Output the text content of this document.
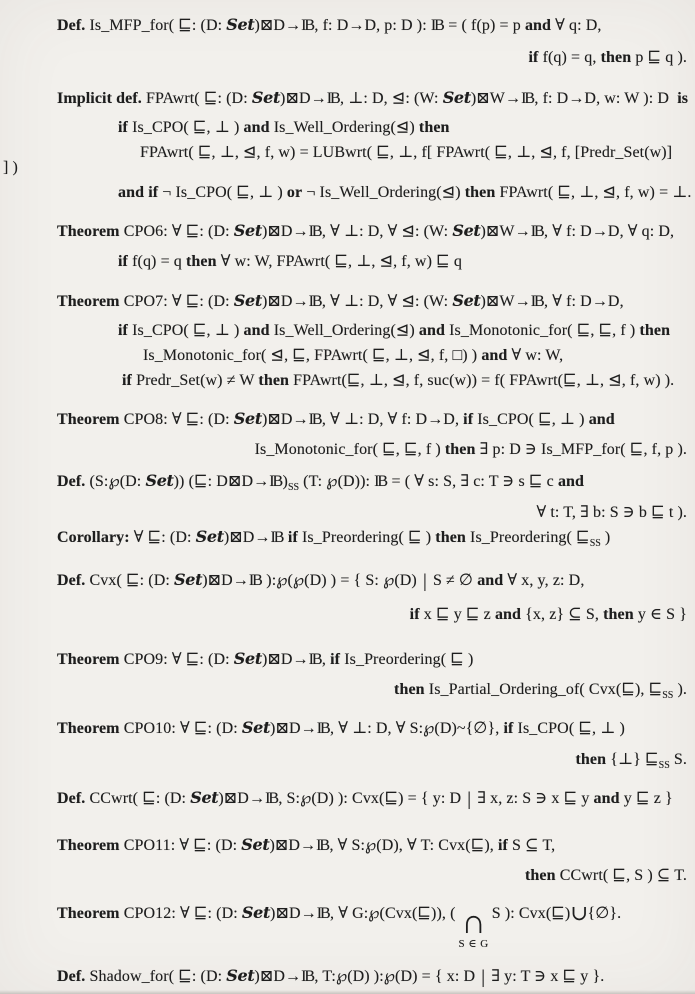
Def. Is_MFP_for( ⊑: (D: Set)⊠D→IB, f: D→D, p: D ): IB = ( f(p) = p and ∀ q: D,
if f(q) = q, then p ⊑ q ).
Implicit def. FPAwrt( ⊑: (D: Set)⊠D→IB, ⊥: D, ⊴: (W: Set)⊠W→IB, f: D→D, w: W ): D  is
if Is_CPO( ⊑, ⊥ ) and Is_Well_Ordering(⊴) then
FPAwrt( ⊑, ⊥, ⊴, f, w) = LUBwrt( ⊑, ⊥, f[ FPAwrt( ⊑, ⊥, ⊴, f, [Predr_Set(w)]
] )
and if ¬ Is_CPO( ⊑, ⊥ ) or ¬ Is_Well_Ordering(⊴) then FPAwrt( ⊑, ⊥, ⊴, f, w) = ⊥.
Theorem CPO6: ∀ ⊑: (D: Set)⊠D→IB, ∀ ⊥: D, ∀ ⊴: (W: Set)⊠W→IB, ∀ f: D→D, ∀ q: D,
if f(q) = q then ∀ w: W, FPAwrt( ⊑, ⊥, ⊴, f, w) ⊑ q
Theorem CPO7: ∀ ⊑: (D: Set)⊠D→IB, ∀ ⊥: D, ∀ ⊴: (W: Set)⊠W→IB, ∀ f: D→D,
if Is_CPO( ⊑, ⊥ ) and Is_Well_Ordering(⊴) and Is_Monotonic_for( ⊑, ⊑, f ) then
Is_Monotonic_for( ⊴, ⊑, FPAwrt( ⊑, ⊥, ⊴, f, □) ) and ∀ w: W,
if Predr_Set(w) ≠ W then FPAwrt(⊑, ⊥, ⊴, f, suc(w)) = f( FPAwrt(⊑, ⊥, ⊴, f, w) ).
Theorem CPO8: ∀ ⊑: (D: Set)⊠D→IB, ∀ ⊥: D, ∀ f: D→D, if Is_CPO( ⊑, ⊥ ) and
Is_Monotonic_for( ⊑, ⊑, f ) then ∃ p: D ∋ Is_MFP_for( ⊑, f, p ).
Def. (S:℘(D: Set)) (⊑: $D⊠D\to IB)_{SS}$ (T: ℘(D)): IB = ( ∀ s: S, ∃ c: T ∋ s ⊑ c and
∀ t: T, ∃ b: S ∋ b ⊑ t ).
Corollary: ∀ ⊑: (D: Set)⊠D→IB if Is_Preordering( ⊑ ) then Is_Preordering( $⊑_{SS}$ )
Def. Cvx( ⊑: (D: Set)⊠D→IB ):℘(℘(D) ) = { S: ℘(D) | S ≠ ∅ and ∀ x, y, z: D,
if x ⊑ y ⊑ z and {x, z} ⊆ S, then y ∈ S }
Theorem CPO9: ∀ ⊑: (D: Set)⊠D→IB, if Is_Preordering( ⊑ )
then Is_Partial_Ordering_of( Cvx(⊑), $⊑_{SS}$ ).
Theorem CPO10: ∀ ⊑: (D: Set)⊠D→IB, ∀ ⊥: D, ∀ S:℘(D)~{∅}, if Is_CPO( ⊑, ⊥ )
then {⊥} $⊑_{SS}$ S.
Def. CCwrt( ⊑: (D: Set)⊠D→IB, S:℘(D) ): Cvx(⊑) = { y: D | ∃ x, z: S ∋ x ⊑ y and y ⊑ z }
Theorem CPO11: ∀ ⊑: (D: Set)⊠D→IB, ∀ S:℘(D), ∀ T: Cvx(⊑), if S ⊆ T,
then CCwrt( ⊑, S ) ⊆ T.
Theorem CPO12: ∀ ⊑: (D: Set)⊠D→IB, ∀ G:℘(Cvx(⊑)), ( ∩
S ∈ G
S ): Cvx(⊑)∪{∅}.
Def. Shadow_for( ⊑: (D: Set)⊠D→IB, T:℘(D) ):℘(D) = { x: D | ∃ y: T ∋ x ⊑ y }.
